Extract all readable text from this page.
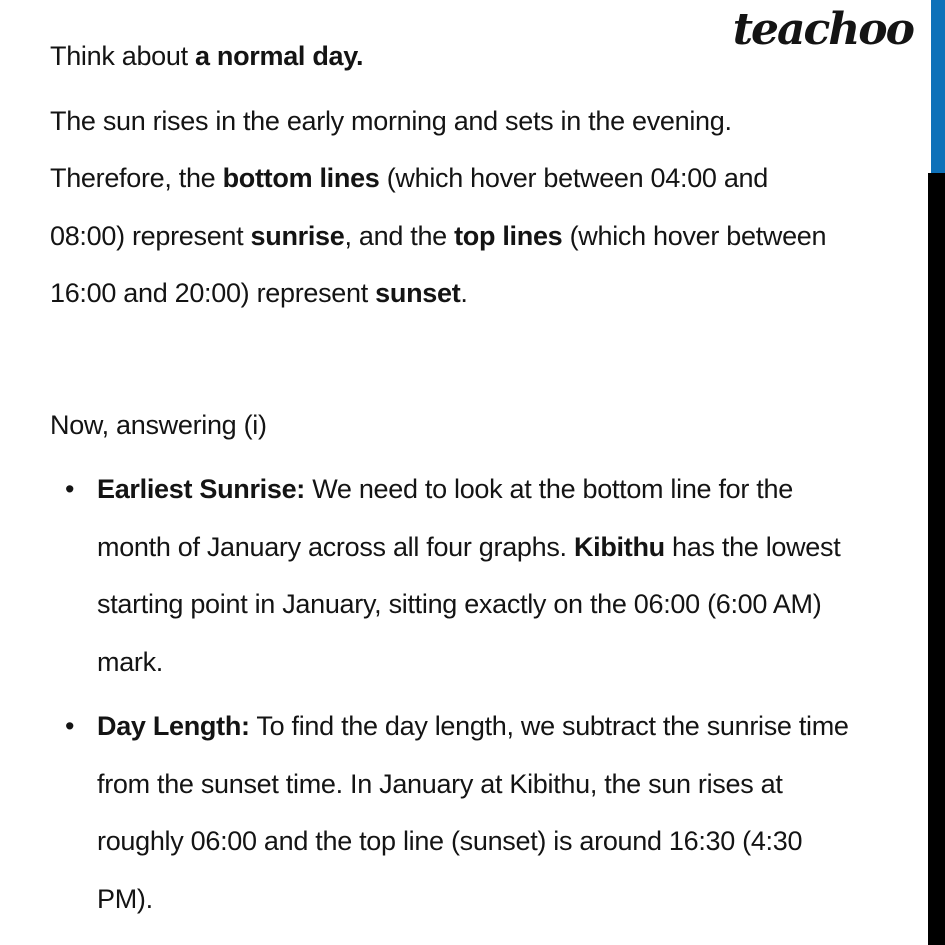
teachoo
Think about a normal day.
The sun rises in the early morning and sets in the evening.
Therefore, the bottom lines (which hover between 04:00 and
08:00) represent sunrise, and the top lines (which hover between
16:00 and 20:00) represent sunset.
Now, answering (i)
• Earliest Sunrise: We need to look at the bottom line for the
month of January across all four graphs. Kibithu has the lowest
starting point in January, sitting exactly on the 06:00 (6:00 AM)
mark.
• Day Length: To find the day length, we subtract the sunrise time
from the sunset time. In January at Kibithu, the sun rises at
roughly 06:00 and the top line (sunset) is around 16:30 (4:30
PM).
